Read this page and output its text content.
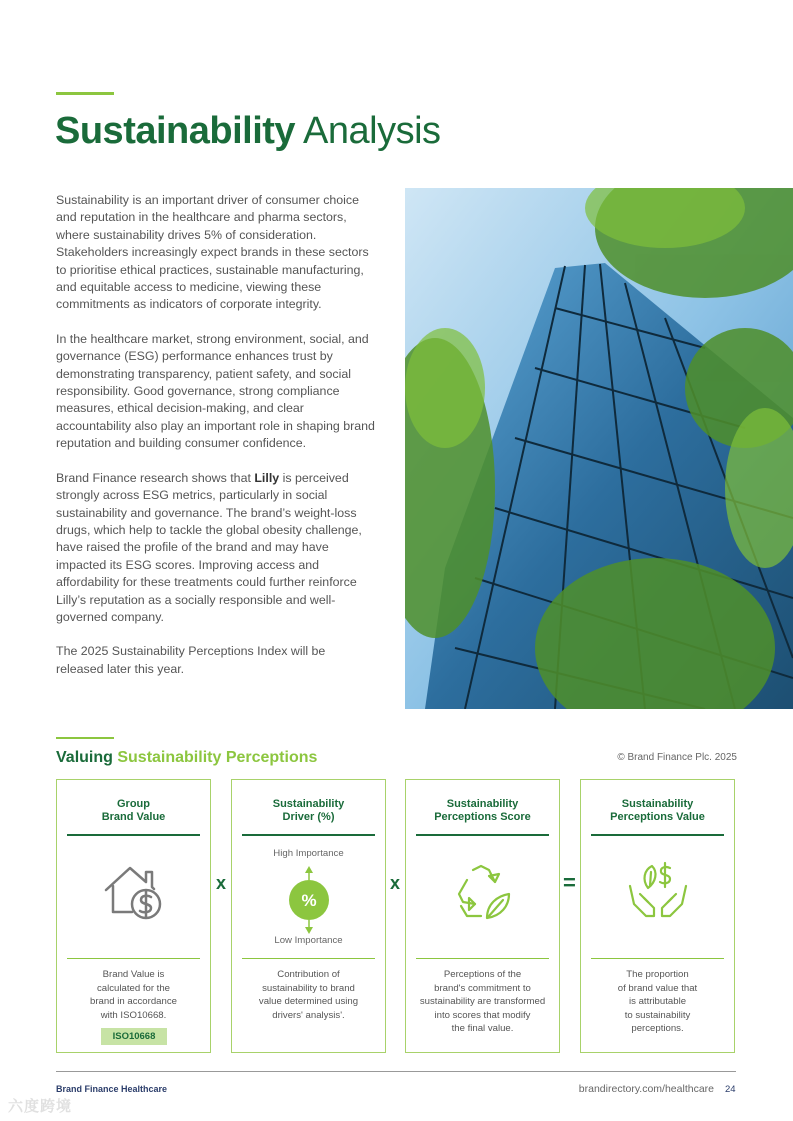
Sustainability Analysis

Sustainability is an important driver of consumer choice and reputation in the healthcare and pharma sectors, where sustainability drives 5% of consideration. Stakeholders increasingly expect brands in these sectors to prioritise ethical practices, sustainable manufacturing, and equitable access to medicine, viewing these commitments as indicators of corporate integrity.

In the healthcare market, strong environment, social, and governance (ESG) performance enhances trust by demonstrating transparency, patient safety, and social responsibility. Good governance, strong compliance measures, ethical decision-making, and clear accountability also play an important role in shaping brand reputation and building consumer confidence.

Brand Finance research shows that Lilly is perceived strongly across ESG metrics, particularly in social sustainability and governance. The brand’s weight-loss drugs, which help to tackle the global obesity challenge, have raised the profile of the brand and may have impacted its ESG scores. Improving access and affordability for these treatments could further reinforce Lilly’s reputation as a socially responsible and well-governed company.

The 2025 Sustainability Perceptions Index will be released later this year.

Valuing Sustainability Perceptions	© Brand Finance Plc. 2025
Group
Brand Value
Brand Value is
calculated for the
brand in accordance
with ISO10668.
ISO10668
Sustainability
Driver (%)
High Importance
%
Low Importance
Contribution of
sustainability to brand
value determined using
drivers' analysis'.
Sustainability
Perceptions Score
Perceptions of the
brand's commitment to
sustainability are transformed
into scores that modify
the final value.
Sustainability
Perceptions Value
The proportion
of brand value that
is attributable
to sustainability
perceptions.
x	x	=
Brand Finance Healthcare	brandirectory.com/healthcare 24
六度跨境
